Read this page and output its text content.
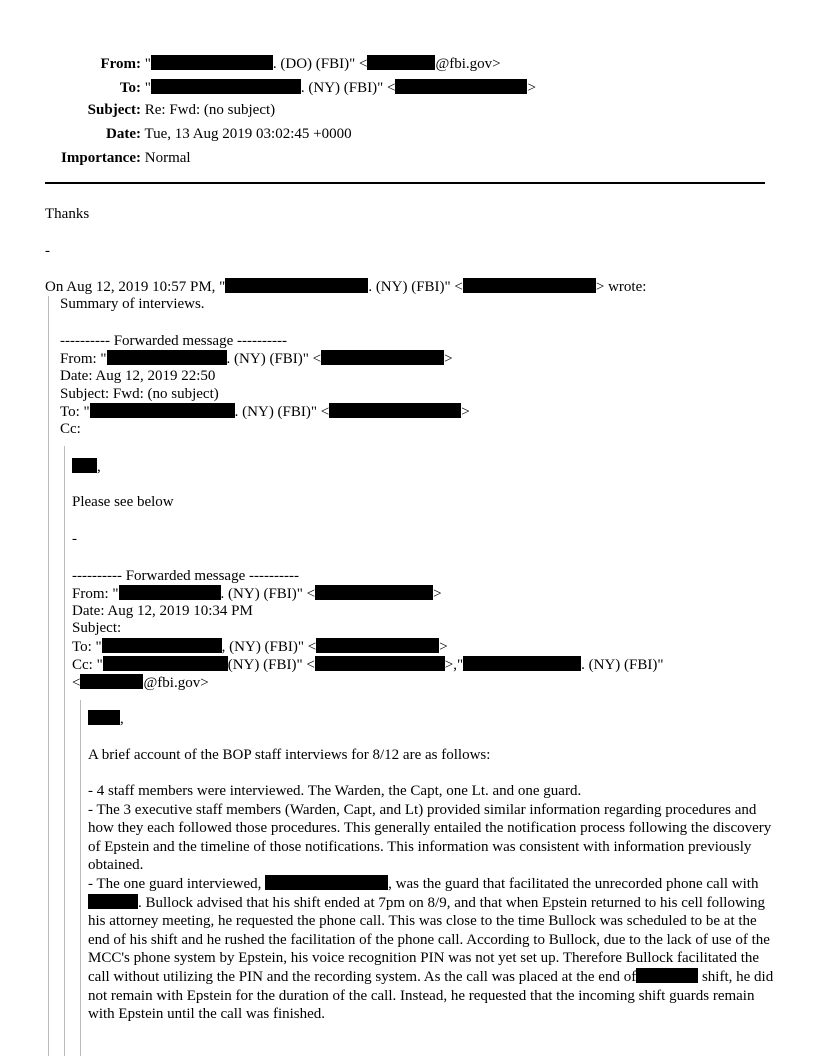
From: "	. (DO) (FBI)" <	@fbi.gov>
To: "	. (NY) (FBI)" <	>
Subject: Re: Fwd: (no subject)
Date: Tue, 13 Aug 2019 03:02:45 +0000
Importance: Normal
Thanks
-
On Aug 12, 2019 10:57 PM, "	. (NY) (FBI)" <	> wrote:
Summary of interviews.
---------- Forwarded message ----------
From: "	. (NY) (FBI)" <	>
Date: Aug 12, 2019 22:50
Subject: Fwd: (no subject)
To: "	. (NY) (FBI)" <	>
Cc:
,
Please see below
-
---------- Forwarded message ----------
From: "	. (NY) (FBI)" <	>
Date: Aug 12, 2019 10:34 PM
Subject:
To: "	, (NY) (FBI)" <	>
Cc: "	(NY) (FBI)" <	>,"	. (NY) (FBI)"
<	@fbi.gov>
,
A brief account of the BOP staff interviews for 8/12 are as follows:

- 4 staff members were interviewed. The Warden, the Capt, one Lt. and one guard.

- The 3 executive staff members (Warden, Capt, and Lt) provided similar information regarding procedures and how they each followed those procedures. This generally entailed the notification process following the discovery of Epstein and the timeline of those notifications. This information was consistent with information previously obtained.

- The one guard interviewed,	, was the guard that facilitated the unrecorded phone call with . Bullock advised that his shift ended at 7pm on 8/9, and that when Epstein returned to his cell following his attorney meeting, he requested the phone call. This was close to the time Bullock was scheduled to be at the end of his shift and he rushed the facilitation of the phone call. According to Bullock, due to the lack of use of the MCC's phone system by Epstein, his voice recognition PIN was not yet set up. Therefore Bullock facilitated the call without utilizing the PIN and the recording system. As the call was placed at the end of	shift, he did not remain with Epstein for the duration of the call. Instead, he requested that the incoming shift guards remain with Epstein until the call was finished.
